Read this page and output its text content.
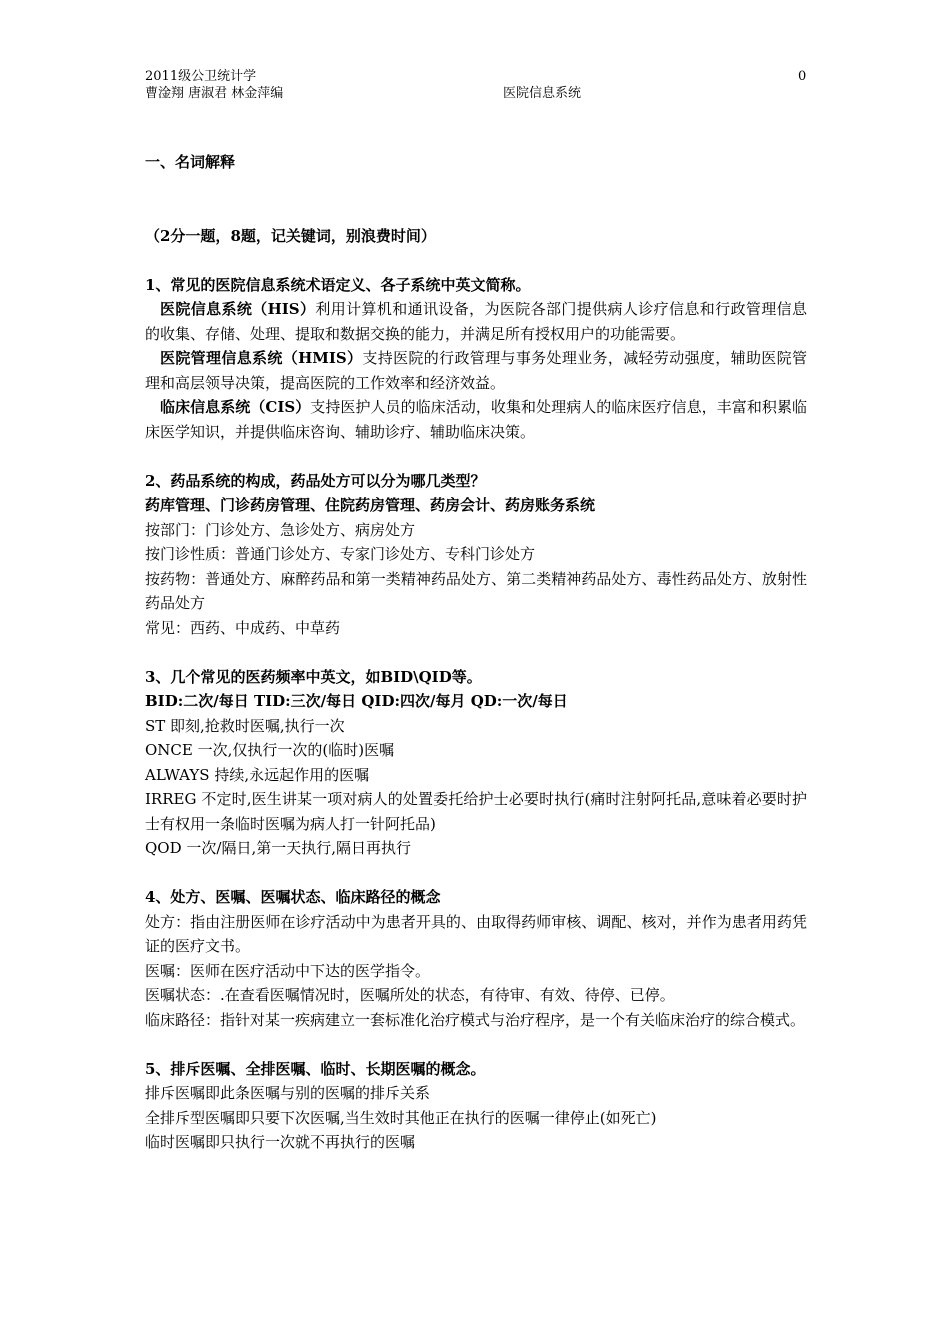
2011级公卫统计学
曹淦翔 唐淑君 林金萍编
0
医院信息系统

一、名词解释

（2分一题，8题，记关键词，别浪费时间）

1、常见的医院信息系统术语定义、各子系统中英文简称。

医院信息系统（HIS）利用计算机和通讯设备，为医院各部门提供病人诊疗信息和行政管理信息的收集、存储、处理、提取和数据交换的能力，并满足所有授权用户的功能需要。

医院管理信息系统（HMIS）支持医院的行政管理与事务处理业务，减轻劳动强度，辅助医院管理和高层领导决策，提高医院的工作效率和经济效益。

临床信息系统（CIS）支持医护人员的临床活动，收集和处理病人的临床医疗信息，丰富和积累临床医学知识，并提供临床咨询、辅助诊疗、辅助临床决策。

2、药品系统的构成，药品处方可以分为哪几类型？

药库管理、门诊药房管理、住院药房管理、药房会计、药房账务系统

按部门：门诊处方、急诊处方、病房处方

按门诊性质：普通门诊处方、专家门诊处方、专科门诊处方

按药物：普通处方、麻醉药品和第一类精神药品处方、第二类精神药品处方、毒性药品处方、放射性药品处方

常见：西药、中成药、中草药

3、几个常见的医药频率中英文，如BID\QID等。

BID:二次/每日 TID:三次/每日 QID:四次/每月 QD:一次/每日

ST 即刻,抢救时医嘱,执行一次

ONCE 一次,仅执行一次的(临时)医嘱

ALWAYS 持续,永远起作用的医嘱

IRREG 不定时,医生讲某一项对病人的处置委托给护士必要时执行(痛时注射阿托品,意味着必要时护士有权用一条临时医嘱为病人打一针阿托品)

QOD 一次/隔日,第一天执行,隔日再执行

4、处方、医嘱、医嘱状态、临床路径的概念

处方：指由注册医师在诊疗活动中为患者开具的、由取得药师审核、调配、核对，并作为患者用药凭证的医疗文书。

医嘱：医师在医疗活动中下达的医学指令。

医嘱状态：.在查看医嘱情况时，医嘱所处的状态，有待审、有效、待停、已停。

临床路径：指针对某一疾病建立一套标准化治疗模式与治疗程序，是一个有关临床治疗的综合模式。

5、排斥医嘱、全排医嘱、临时、长期医嘱的概念。

排斥医嘱即此条医嘱与别的医嘱的排斥关系

全排斥型医嘱即只要下次医嘱,当生效时其他正在执行的医嘱一律停止(如死亡)

临时医嘱即只执行一次就不再执行的医嘱
